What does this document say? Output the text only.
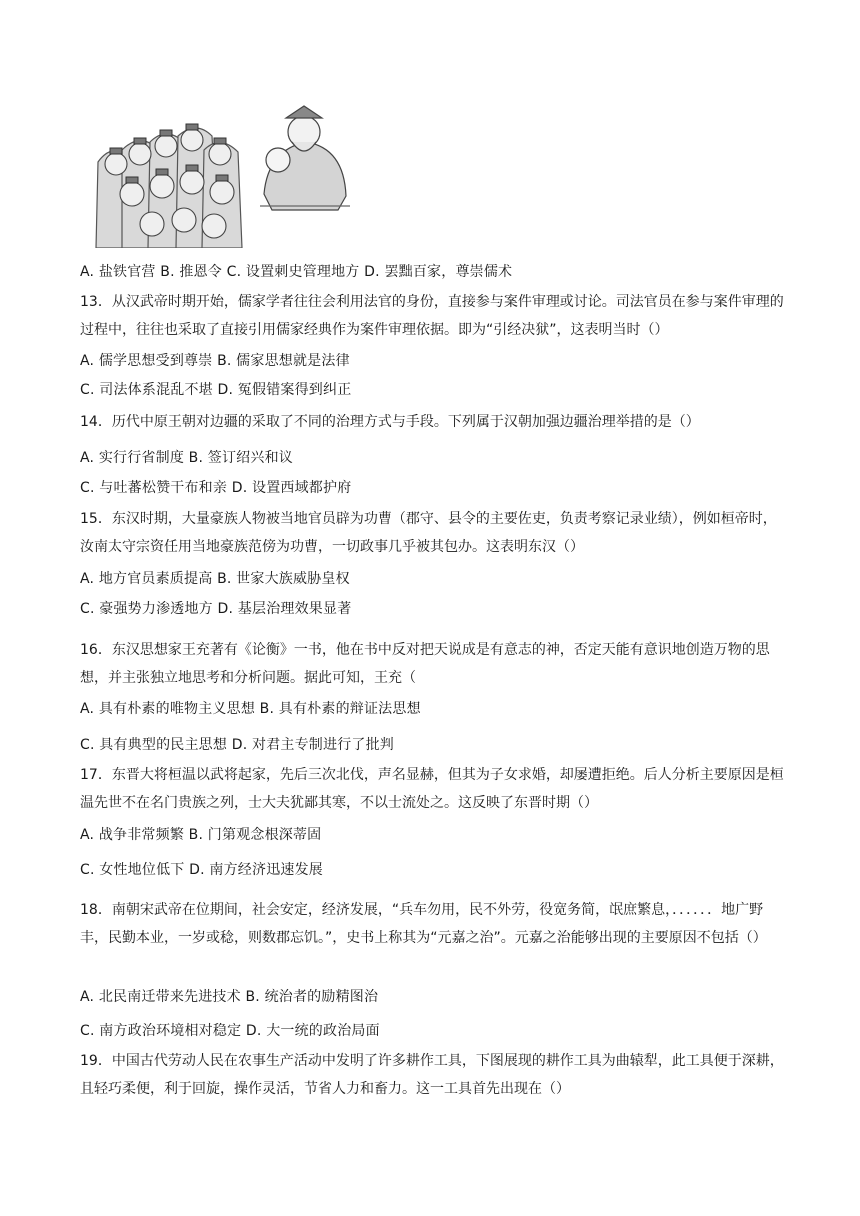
A. 盐铁官营 B. 推恩令 C. 设置刺史管理地方 D. 罢黜百家，尊崇儒术
13．从汉武帝时期开始，儒家学者往往会利用法官的身份，直接参与案件审理或讨论。司法官员在参与案件审理的过程中，往往也采取了直接引用儒家经典作为案件审理依据。即为“引经决狱”，这表明当时（）
A. 儒学思想受到尊崇 B. 儒家思想就是法律
C. 司法体系混乱不堪 D. 冤假错案得到纠正
14．历代中原王朝对边疆的采取了不同的治理方式与手段。下列属于汉朝加强边疆治理举措的是（）
A. 实行行省制度 B. 签订绍兴和议
C. 与吐蕃松赞干布和亲 D. 设置西域都护府
15．东汉时期，大量豪族人物被当地官员辟为功曹（郡守、县令的主要佐吏，负责考察记录业绩），例如桓帝时，汝南太守宗资任用当地豪族范傍为功曹，一切政事几乎被其包办。这表明东汉（）
A. 地方官员素质提高 B. 世家大族威胁皇权
C. 豪强势力渗透地方 D. 基层治理效果显著
16．东汉思想家王充著有《论衡》一书，他在书中反对把天说成是有意志的神，否定天能有意识地创造万物的思想，并主张独立地思考和分析问题。据此可知，王充（
A. 具有朴素的唯物主义思想 B. 具有朴素的辩证法思想
C. 具有典型的民主思想 D. 对君主专制进行了批判
17．东晋大将桓温以武将起家，先后三次北伐，声名显赫，但其为子女求婚，却屡遭拒绝。后人分析主要原因是桓温先世不在名门贵族之列，士大夫犹鄙其寒，不以士流处之。这反映了东晋时期（）
A. 战争非常频繁 B. 门第观念根深蒂固
C. 女性地位低下 D. 南方经济迅速发展
18．南朝宋武帝在位期间，社会安定，经济发展，“兵车勿用，民不外劳，役宽务简，氓庶繁息，．．．．．．地广野丰，民勤本业，一岁或稔，则数郡忘饥。”，史书上称其为“元嘉之治”。元嘉之治能够出现的主要原因不包括（）
A. 北民南迁带来先进技术 B. 统治者的励精图治
C. 南方政治环境相对稳定 D. 大一统的政治局面
19．中国古代劳动人民在农事生产活动中发明了许多耕作工具，下图展现的耕作工具为曲辕犁，此工具便于深耕，且轻巧柔便，利于回旋，操作灵活，节省人力和畜力。这一工具首先出现在（）
